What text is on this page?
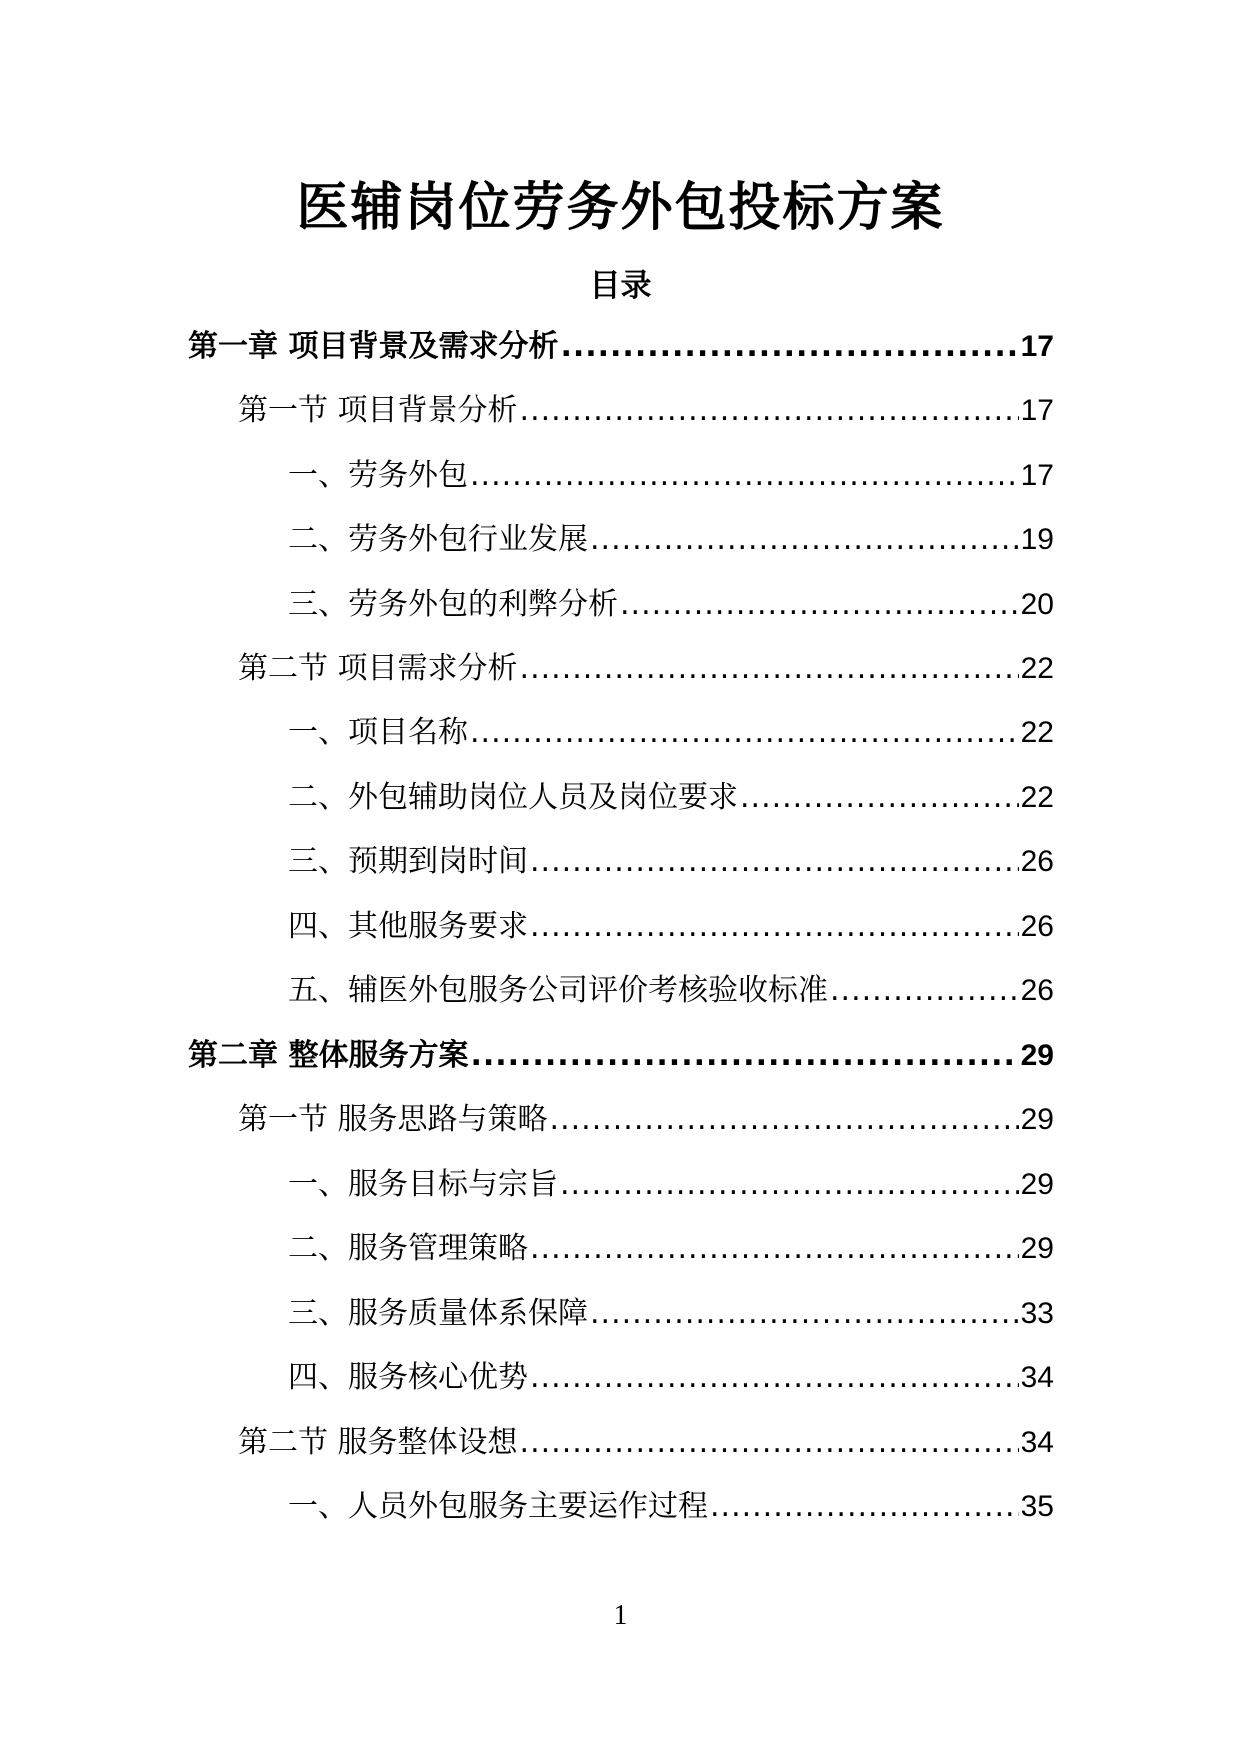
医辅岗位劳务外包投标方案
目录
第一章 项目背景及需求分析 .....	17
第一节 项目背景分析 .....	17
一、劳务外包 .....	17
二、劳务外包行业发展 .....	19
三、劳务外包的利弊分析 .....	20
第二节 项目需求分析 .....	22
一、项目名称 .....	22
二、外包辅助岗位人员及岗位要求 .....	22
三、预期到岗时间 .....	26
四、其他服务要求 .....	26
五、辅医外包服务公司评价考核验收标准 .....	26
第二章 整体服务方案 .....	29
第一节 服务思路与策略 .....	29
一、服务目标与宗旨 .....	29
二、服务管理策略 .....	29
三、服务质量体系保障 .....	33
四、服务核心优势 .....	34
第二节 服务整体设想 .....	34
一、人员外包服务主要运作过程 .....	35
1
